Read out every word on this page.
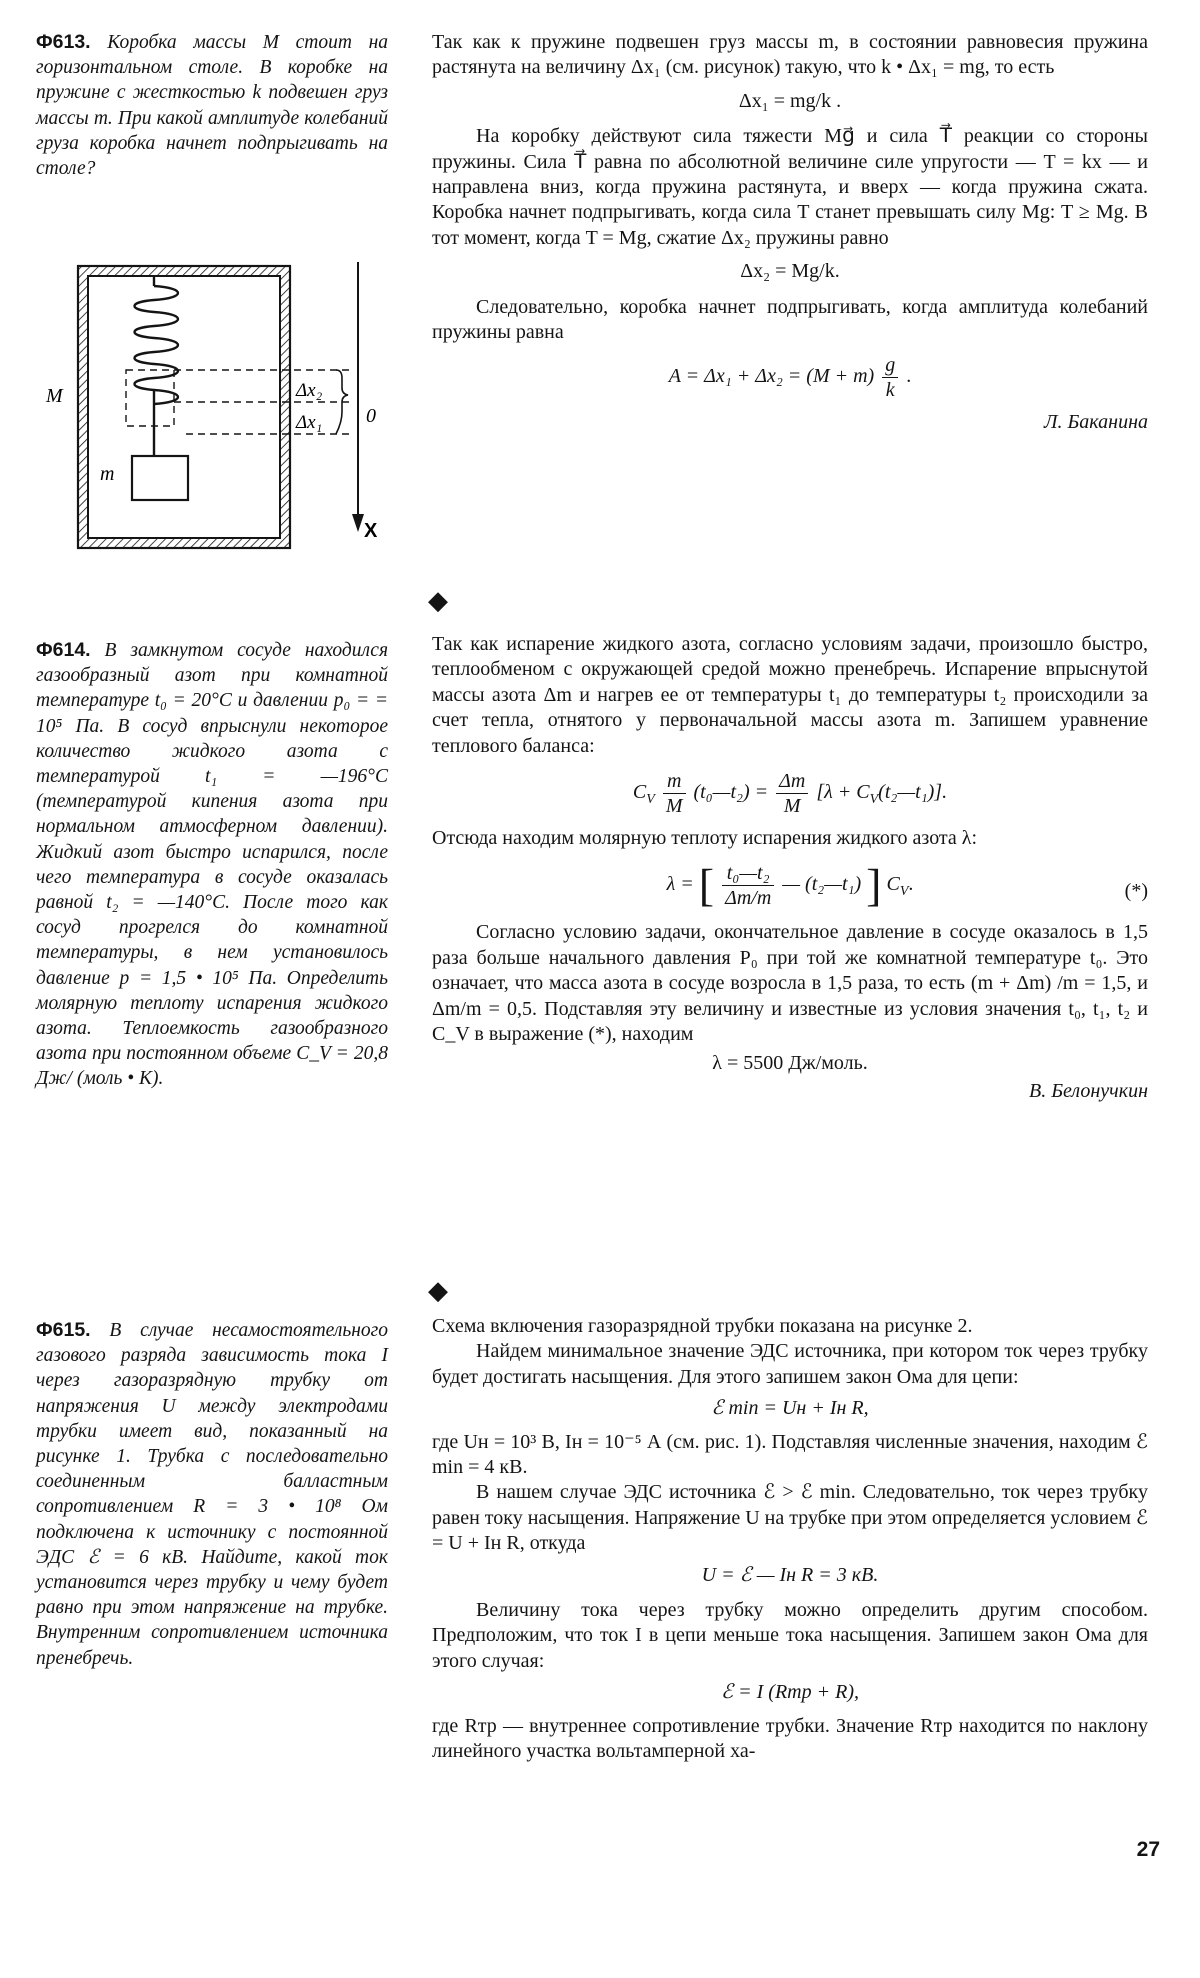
Ф613. Коробка массы M стоит на горизонтальном столе. В коробке на пружине с жесткостью k подвешен груз массы m. При какой амплитуде колебаний груза коробка начнет подпрыгивать на столе?
M
m
Δx₂
Δx₁ 0
X

Так как к пружине подвешен груз массы m, в состоянии равновесия пружина растянута на величину Δx₁ (см. рисунок) такую, что k • Δx₁ = mg, то есть

Δx₁ = mg/k .

На коробку действуют сила тяжести Mg⃗ и сила T⃗ реакции со стороны пружины. Сила T⃗ равна по абсолютной величине силе упругости — T = kx — и направлена вниз, когда пружина растянута, и вверх — когда пружина сжата. Коробка начнет подпрыгивать, когда сила T станет превышать силу Mg: T ≥ Mg. В тот момент, когда T = Mg, сжатие Δx₂ пружины равно

Δx₂ = Mg/k.

Следовательно, коробка начнет подпрыгивать, когда амплитуда колебаний пружины равна

$A = \Delta x_1 + \Delta x_2 = (M + m) \frac{g}{k}$ .
Л. Баканина
◆
Ф614. В замкнутом сосуде находился газообразный азот при комнатной температуре t₀ = 20°C и давлении p₀ = = 10⁵ Па. В сосуд впрыснули некоторое количество жидкого азота с температурой t₁ = —196°C (температурой кипения азота при нормальном атмосферном давлении). Жидкий азот быстро испарился, после чего температура в сосуде оказалась равной t₂ = —140°C. После того как сосуд прогрелся до комнатной температуры, в нем установилось давление p = 1,5 • 10⁵ Па. Определить молярную теплоту испарения жидкого азота. Теплоемкость газообразного азота при постоянном объеме C_V = 20,8 Дж/ (моль • K).

Так как испарение жидкого азота, согласно условиям задачи, произошло быстро, теплообменом с окружающей средой можно пренебречь. Испарение впрыснутой массы азота Δm и нагрев ее от температуры t₁ до температуры t₂ происходили за счет тепла, отнятого у первоначальной массы азота m. Запишем уравнение теплового баланса:

$C_V \frac{m}{M}$ (t₀—t₂) = $\frac{\Delta m}{M} [\lambda$ + $C_V(t_2—t_1)$].

Отсюда находим молярную теплоту испарения жидкого азота λ:

λ = [ $\frac{\text{t₀—t₂}}{\Delta m/m}$ — (t₂—t₁) ] $C_V$.	(*)

Согласно условию задачи, окончательное давление в сосуде оказалось в 1,5 раза больше начального давления P₀ при той же комнатной температуре t₀. Это означает, что масса азота в сосуде возросла в 1,5 раза, то есть (m + Δm) /m = 1,5, и Δm/m = 0,5. Подставляя эту величину и известные из условия значения t₀, t₁, t₂ и C_V в выражение (*), находим

λ = 5500 Дж/моль.
В. Белонучкин
◆
Ф615. В случае несамостоятельного газового разряда зависимость тока I через газоразрядную трубку от напряжения U между электродами трубки имеет вид, показанный на рисунке 1. Трубка с последовательно соединенным балластным сопротивлением R = 3 • 10⁸ Ом подключена к источнику с постоянной ЭДС ℰ = 6 кВ. Найдите, какой ток установится через трубку и чему будет равно при этом напряжение на трубке. Внутренним сопротивлением источника пренебречь.

Схема включения газоразрядной трубки показана на рисунке 2.

Найдем минимальное значение ЭДС источника, при котором ток через трубку будет достигать насыщения. Для этого запишем закон Ома для цепи:

ℰ min = Uн + Iн R,

где Uн = 10³ В, Iн = 10⁻⁵ А (см. рис. 1). Подставляя численные значения, находим ℰ min = 4 кВ.

В нашем случае ЭДС источника ℰ > ℰ min. Следовательно, ток через трубку равен току насыщения. Напряжение U на трубке при этом определяется условием ℰ = U + Iн R, откуда

U = ℰ — Iн R = 3 кВ.

Величину тока через трубку можно определить другим способом. Предположим, что ток I в цепи меньше тока насыщения. Запишем закон Ома для этого случая:

ℰ = I (Rтр + R),

где Rтр — внутреннее сопротивление трубки. Значение Rтр находится по наклону линейного участка вольтамперной ха-

27
